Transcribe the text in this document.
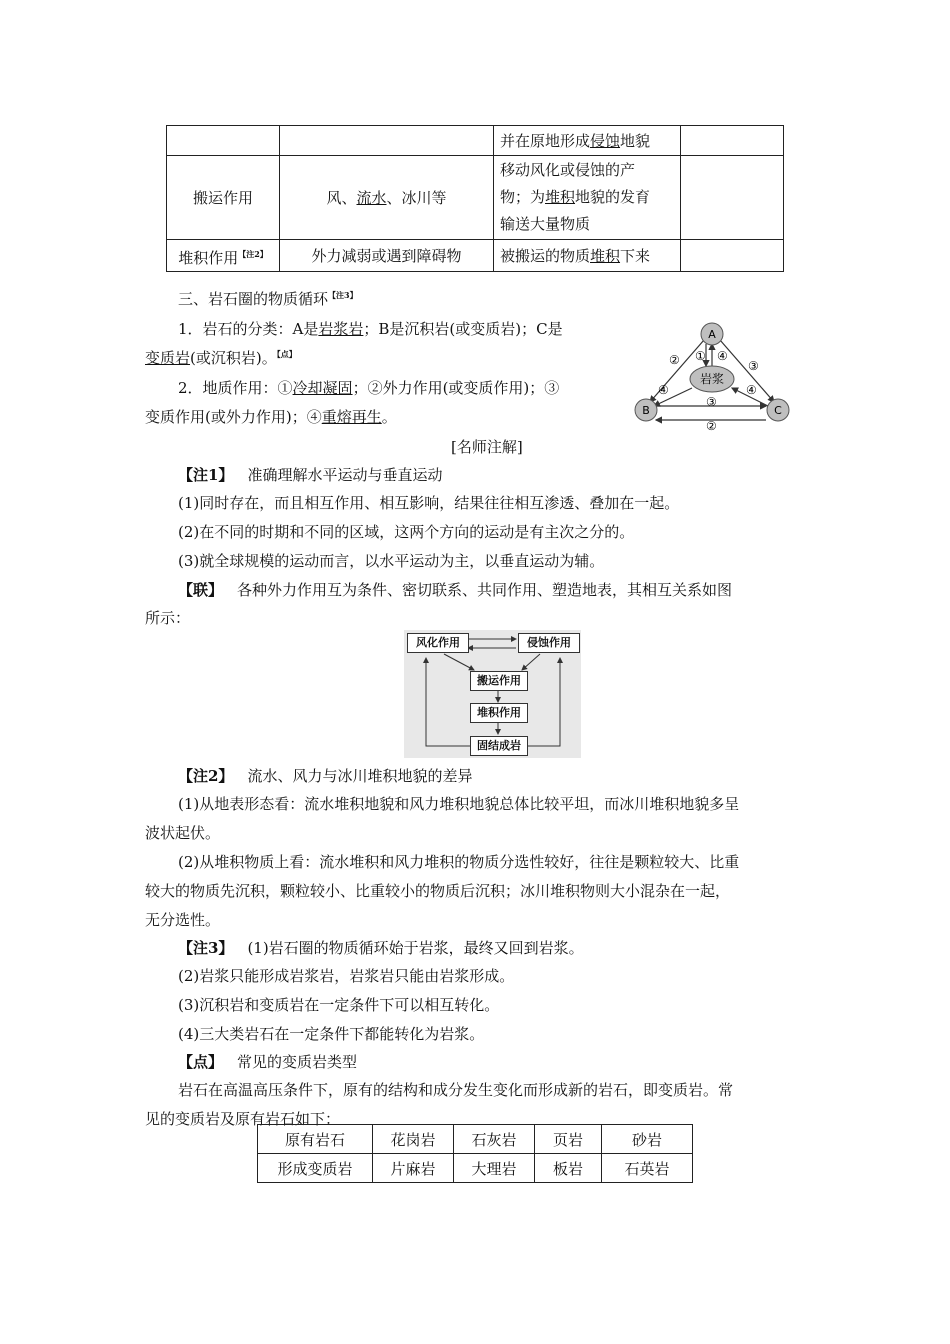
		并在原地形成侵蚀地貌	
搬运作用	风、流水、冰川等	移动风化或侵蚀的产
物；为堆积地貌的发育
输送大量物质	

堆积作用$^{【注2】}$	外力减弱或遇到障碍物	被搬运的物质堆积下来	
三、岩石圈的物质循环$^{【注3】}$
1．岩石的分类：A是岩浆岩；B是沉积岩(或变质岩)；C是
变质岩(或沉积岩)。$^{【点】}$
2．地质作用：①冷却凝固；②外力作用(或变质作用)；③
变质作用(或外力作用)；④重熔再生。
岩浆
A
B	C
② ① ④
③
④	④
③
②
[名师注解]
【注1】 准确理解水平运动与垂直运动
(1)同时存在，而且相互作用、相互影响，结果往往相互渗透、叠加在一起。
(2)在不同的时期和不同的区域，这两个方向的运动是有主次之分的。
(3)就全球规模的运动而言，以水平运动为主，以垂直运动为辅。
【联】 各种外力作用互为条件、密切联系、共同作用、塑造地表，其相互关系如图
所示：
风化作用	侵蚀作用
搬运作用
堆积作用
固结成岩
【注2】 流水、风力与冰川堆积地貌的差异
(1)从地表形态看：流水堆积地貌和风力堆积地貌总体比较平坦，而冰川堆积地貌多呈
波状起伏。
(2)从堆积物质上看：流水堆积和风力堆积的物质分选性较好，往往是颗粒较大、比重
较大的物质先沉积，颗粒较小、比重较小的物质后沉积；冰川堆积物则大小混杂在一起，
无分选性。
【注3】 (1)岩石圈的物质循环始于岩浆，最终又回到岩浆。
(2)岩浆只能形成岩浆岩，岩浆岩只能由岩浆形成。
(3)沉积岩和变质岩在一定条件下可以相互转化。
(4)三大类岩石在一定条件下都能转化为岩浆。
【点】 常见的变质岩类型
岩石在高温高压条件下，原有的结构和成分发生变化而形成新的岩石，即变质岩。常
见的变质岩及原有岩石如下：
原有岩石	花岗岩	石灰岩	页岩	砂岩
形成变质岩	片麻岩	大理岩	板岩	石英岩
